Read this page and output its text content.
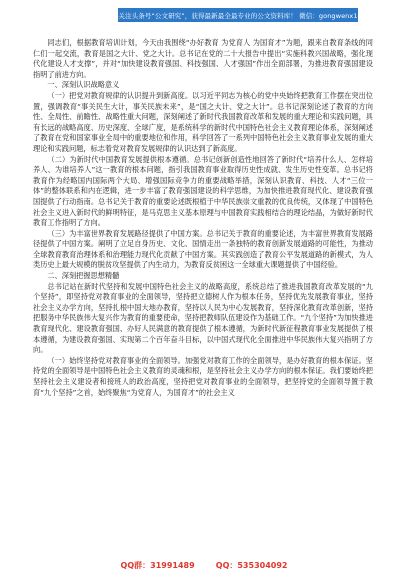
关注头条号“公文研究”，获得最新最全最专业的公文资料库！ 微信：gongwenx1

同志们，根据教育培训计划，今天由我围绕“办好教育 为党育人 为国育才”为题，跟来自教育条线的同仁们一起交流，教育是国之大计、党之大计。总书记在党的二十大报告中提出“实施科教兴国战略，强化现代化建设人才支撑”，并对“加快建设教育强国、科技强国、人才强国”作出全面部署，为推进教育强国建设指明了前进方向。

一、深刻认识战略意义

（一）把党对教育规律的认识提升到新高度。以习近平同志为核心的党中央始终把教育工作摆在突出位置，强调教育“事关民生大计，事关民族未来”，是“国之大计、党之大计”。总书记深刻论述了教育的方向性、全局性、前瞻性、战略性重大问题，深刻阐述了新时代我国教育改革和发展的重大理论和实践问题，具有长远的战略高度、历史深度、全球广度，是系统科学的新时代中国特色社会主义教育理论体系，深刻阐述了教育在党和国家事业全局中的重要地位和作用，科学回答了一系列中国特色社会主义教育事业发展的重大理论和实践问题，标志着党对教育发展规律的认识达到了新高度。

（二）为新时代中国教育发展提供根本遵循。总书记创新创造性地回答了新时代“培养什么人、怎样培养人、为谁培养人”这一教育的根本问题，指引我国教育事业取得历史性成就、发生历史性变革。总书记将教育作为经略国内国际两个大局、增强国际竞争力的重要战略举措，深刻认识教育、科技、人才“三位一体”的整体联系和内在逻辑，进一步丰富了教育强国建设的科学思维，为加快推进教育现代化、建设教育强国提供了行动指南。总书记关于教育的重要论述既根植于中华民族崇文重教的优良传统，又体现了中国特色社会主义进入新时代的鲜明特征，是马克思主义基本原理与中国教育实践相结合的理论结晶，为做好新时代教育工作指明了方向。

（三）为丰富世界教育发展路径提供了中国方案。总书记关于教育的重要论述，为丰富世界教育发展路径提供了中国方案。阐明了立足自身历史、文化、国情走出一条独特的教育创新发展道路的可能性，为推动全球教育教育治理体系和治理能力现代化贡献了中国方案。其实践创造了教育公平发展道路的新模式，为人类历史上最大规模的脱贫攻坚提供了内生动力，为教育反贫困这一全球重大课题提供了中国经验。

二、深刻把握思想精髓

总书记站在新时代坚持和发展中国特色社会主义的战略高度，系统总结了推进我国教育改革发展的“九个坚持”，即坚持党对教育事业的全面领导，坚持把立德树人作为根本任务，坚持优先发展教育事业，坚持社会主义办学方向，坚持扎根中国大地办教育，坚持以人民为中心发展教育，坚持深化教育改革创新，坚持把服务中华民族伟大复兴作为教育的重要使命，坚持把教师队伍建设作为基础工作。“九个坚持”为加快推进教育现代化、建设教育强国、办好人民满意的教育提供了根本遵循，为新时代新征程教育事业发展提供了根本遵循，为建设教育强国、实现第二个百年奋斗目标，以中国式现代化全面推进中华民族伟大复兴指明了方向。

（一）始终坚持党对教育事业的全面领导。加强党对教育工作的全面领导，是办好教育的根本保证。坚持党的全面领导是中国特色社会主义教育的灵魂和根，是坚持社会主义办学方向的根本保证。我们要始终把坚持社会主义建设者和接班人的政治高度，坚持把党对教育事业的全面领导，把坚持党的全面领导置于教育“九个坚持”之首，始终聚焦“为党育人，为国育才”的社会主义

QQ群：31991489	QQ：535304092
